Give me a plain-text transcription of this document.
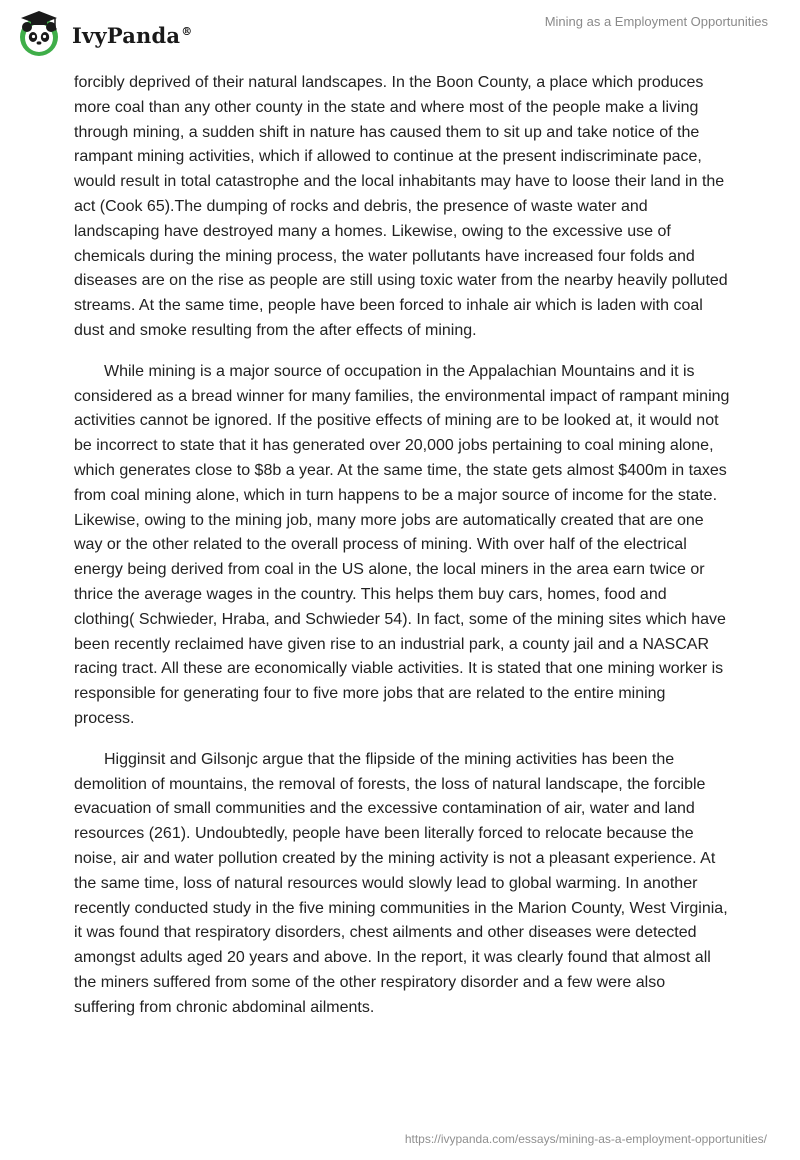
IvyPanda®
Mining as a Employment Opportunities

forcibly deprived of their natural landscapes. In the Boon County, a place which produces more coal than any other county in the state and where most of the people make a living through mining, a sudden shift in nature has caused them to sit up and take notice of the rampant mining activities, which if allowed to continue at the present indiscriminate pace, would result in total catastrophe and the local inhabitants may have to loose their land in the act (Cook 65).The dumping of rocks and debris, the presence of waste water and landscaping have destroyed many a homes. Likewise, owing to the excessive use of chemicals during the mining process, the water pollutants have increased four folds and diseases are on the rise as people are still using toxic water from the nearby heavily polluted streams. At the same time, people have been forced to inhale air which is laden with coal dust and smoke resulting from the after effects of mining.

While mining is a major source of occupation in the Appalachian Mountains and it is considered as a bread winner for many families, the environmental impact of rampant mining activities cannot be ignored. If the positive effects of mining are to be looked at, it would not be incorrect to state that it has generated over 20,000 jobs pertaining to coal mining alone, which generates close to $8b a year. At the same time, the state gets almost $400m in taxes from coal mining alone, which in turn happens to be a major source of income for the state. Likewise, owing to the mining job, many more jobs are automatically created that are one way or the other related to the overall process of mining. With over half of the electrical energy being derived from coal in the US alone, the local miners in the area earn twice or thrice the average wages in the country. This helps them buy cars, homes, food and clothing( Schwieder, Hraba, and Schwieder 54). In fact, some of the mining sites which have been recently reclaimed have given rise to an industrial park, a county jail and a NASCAR racing tract. All these are economically viable activities. It is stated that one mining worker is responsible for generating four to five more jobs that are related to the entire mining process.

Higginsit and Gilsonjc argue that the flipside of the mining activities has been the demolition of mountains, the removal of forests, the loss of natural landscape, the forcible evacuation of small communities and the excessive contamination of air, water and land resources (261). Undoubtedly, people have been literally forced to relocate because the noise, air and water pollution created by the mining activity is not a pleasant experience. At the same time, loss of natural resources would slowly lead to global warming. In another recently conducted study in the five mining communities in the Marion County, West Virginia, it was found that respiratory disorders, chest ailments and other diseases were detected amongst adults aged 20 years and above. In the report, it was clearly found that almost all the miners suffered from some of the other respiratory disorder and a few were also suffering from chronic abdominal ailments.

https://ivypanda.com/essays/mining-as-a-employment-opportunities/
